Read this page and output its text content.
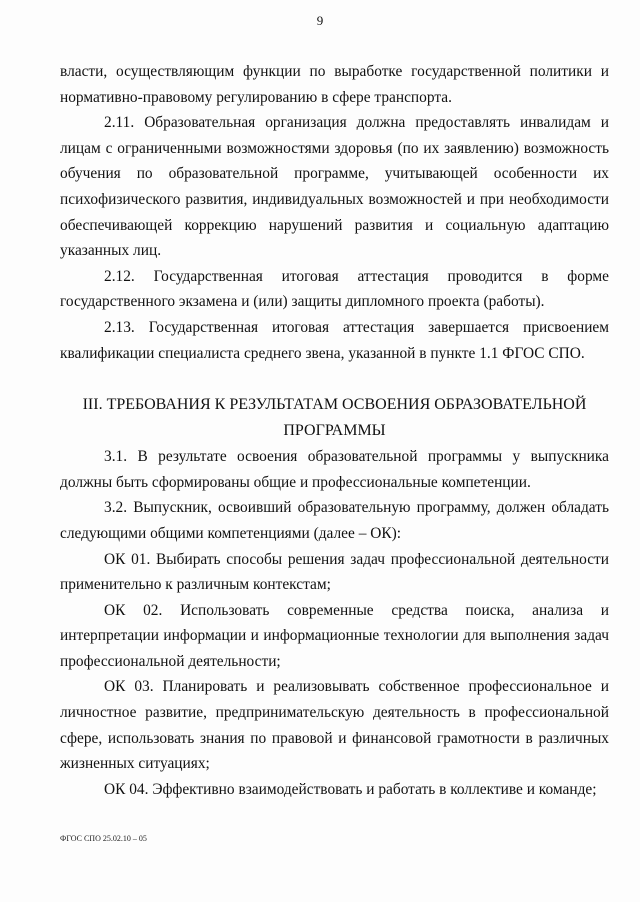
9

власти, осуществляющим функции по выработке государственной политики и нормативно-правовому регулированию в сфере транспорта.

2.11. Образовательная организация должна предоставлять инвалидам и лицам с ограниченными возможностями здоровья (по их заявлению) возможность обучения по образовательной программе, учитывающей особенности их психофизического развития, индивидуальных возможностей и при необходимости обеспечивающей коррекцию нарушений развития и социальную адаптацию указанных лиц.

2.12. Государственная итоговая аттестация проводится в форме государственного экзамена и (или) защиты дипломного проекта (работы).

2.13. Государственная итоговая аттестация завершается присвоением квалификации специалиста среднего звена, указанной в пункте 1.1 ФГОС СПО.

III. ТРЕБОВАНИЯ К РЕЗУЛЬТАТАМ ОСВОЕНИЯ ОБРАЗОВАТЕЛЬНОЙ ПРОГРАММЫ

3.1. В результате освоения образовательной программы у выпускника должны быть сформированы общие и профессиональные компетенции.

3.2. Выпускник, освоивший образовательную программу, должен обладать следующими общими компетенциями (далее – ОК):

ОК 01. Выбирать способы решения задач профессиональной деятельности применительно к различным контекстам;

ОК 02. Использовать современные средства поиска, анализа и интерпретации информации и информационные технологии для выполнения задач профессиональной деятельности;

ОК 03. Планировать и реализовывать собственное профессиональное и личностное развитие, предпринимательскую деятельность в профессиональной сфере, использовать знания по правовой и финансовой грамотности в различных жизненных ситуациях;

ОК 04. Эффективно взаимодействовать и работать в коллективе и команде;

ФГОС СПО 25.02.10 – 05
